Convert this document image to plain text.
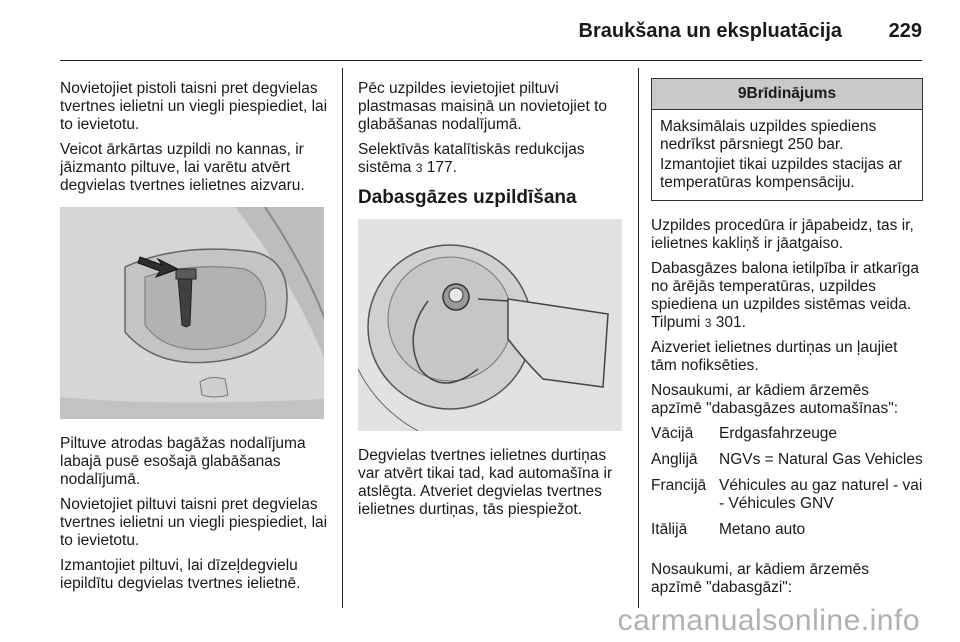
Braukšana un ekspluatācija 229

Novietojiet pistoli taisni pret degvielas tvertnes ielietni un viegli piespiediet, lai to ievietotu.

Veicot ārkārtas uzpildi no kannas, ir jāizmanto piltuve, lai varētu atvērt degvielas tvertnes ielietnes aizvaru.

Piltuve atrodas bagāžas nodalījuma labajā pusē esošajā glabāšanas nodalījumā.

Novietojiet piltuvi taisni pret degvielas tvertnes ielietni un viegli piespiediet, lai to ievietotu.

Izmantojiet piltuvi, lai dīzeļdegvielu iepildītu degvielas tvertnes ielietnē.

Pēc uzpildes ievietojiet piltuvi plastmasas maisiņā un novietojiet to glabāšanas nodalījumā.

Selektīvās katalītiskās redukcijas sistēma 3 177.

Dabasgāzes uzpildīšana

Degvielas tvertnes ielietnes durtiņas var atvērt tikai tad, kad automašīna ir atslēgta. Atveriet degvielas tvertnes ielietnes durtiņas, tās piespiežot.

9Brīdinājums

Maksimālais uzpildes spiediens nedrīkst pārsniegt 250 bar.

Izmantojiet tikai uzpildes stacijas ar temperatūras kompensāciju.

Uzpildes procedūra ir jāpabeidz, tas ir, ielietnes kakliņš ir jāatgaiso.

Dabasgāzes balona ietilpība ir atkarīga no ārējās temperatūras, uzpildes spiediena un uzpildes sistēmas veida. Tilpumi 3 301.

Aizveriet ielietnes durtiņas un ļaujiet tām nofiksēties.

Nosaukumi, ar kādiem ārzemēs apzīmē "dabasgāzes automašīnas":

Vācijā	Erdgasfahrzeuge
Anglijā	NGVs = Natural Gas Vehicles
Francijā	Véhicules au gaz naturel - vai - Véhicules GNV
Itālijā	Metano auto

Nosaukumi, ar kādiem ārzemēs apzīmē "dabasgāzi":

carmanualsonline.info
